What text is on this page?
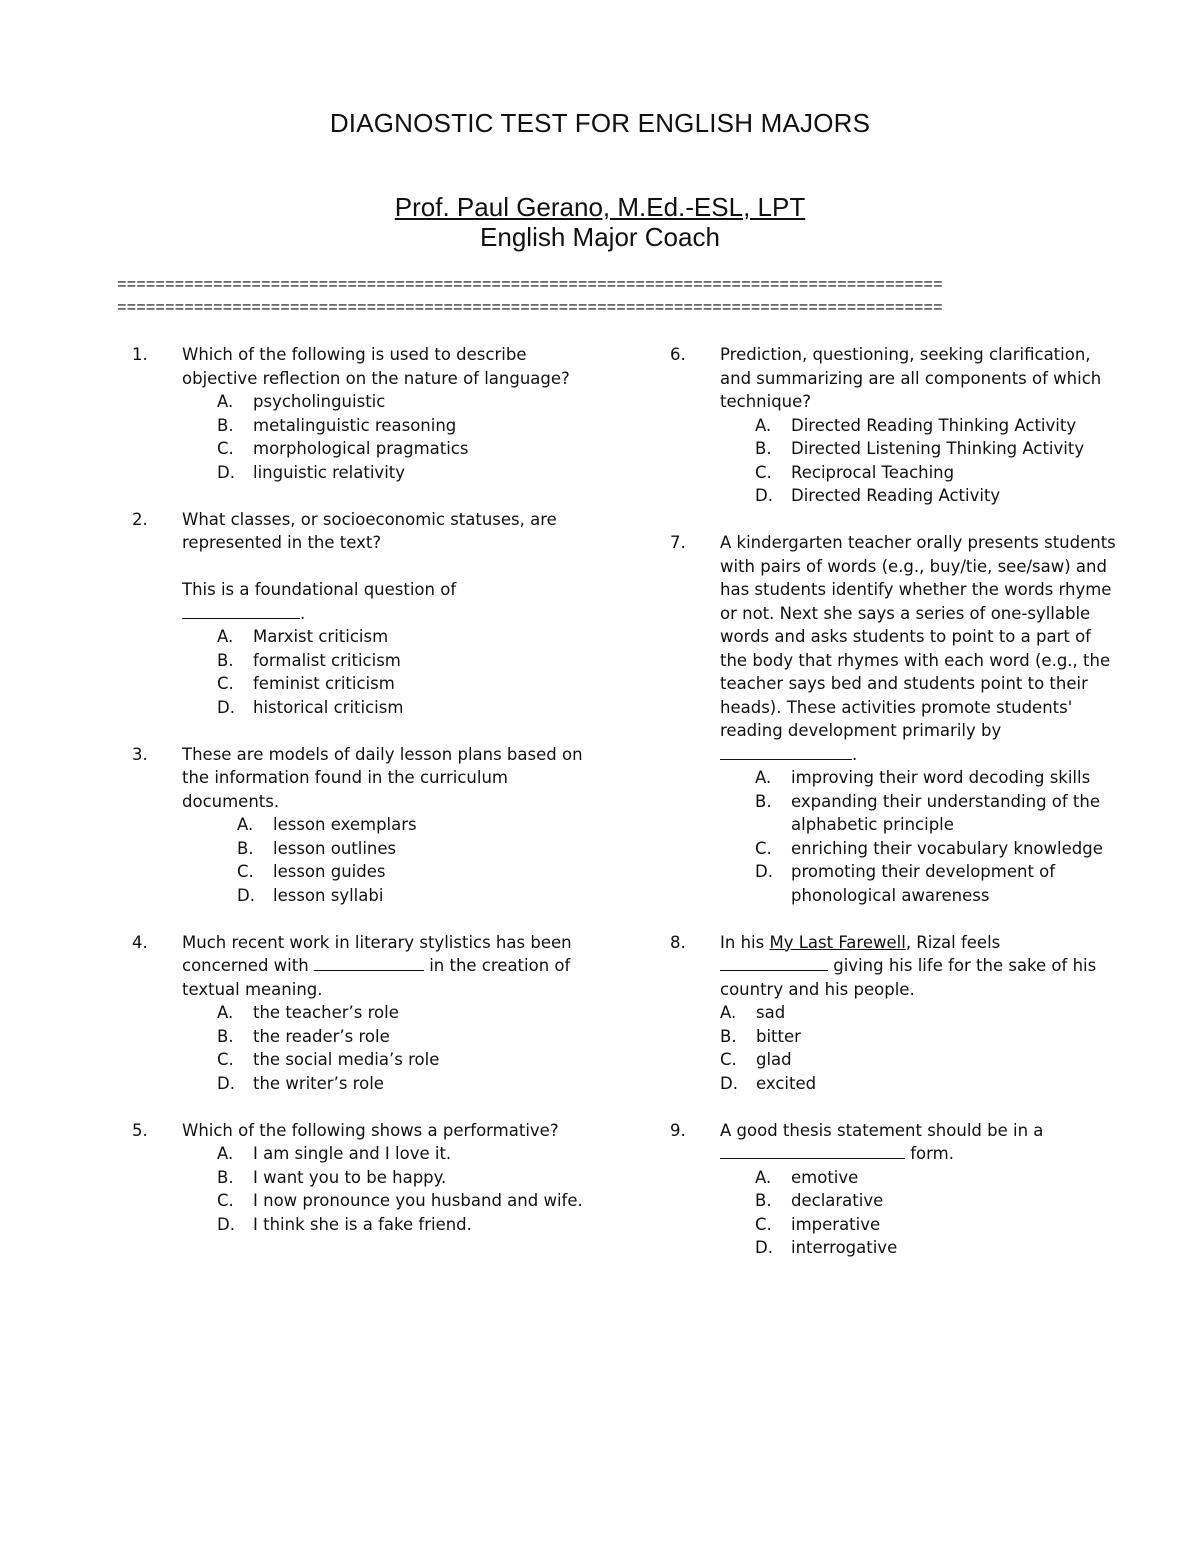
DIAGNOSTIC TEST FOR ENGLISH MAJORS
Prof. Paul Gerano, M.Ed.-ESL, LPT
English Major Coach
======================================================================================
======================================================================================
1.	Which of the following is used to describe objective reflection on the nature of language?
A. psycholinguistic
B. metalinguistic reasoning
C. morphological pragmatics
D. linguistic relativity
2.	What classes, or socioeconomic statuses, are represented in the text?
This is a foundational question of
.
A. Marxist criticism
B. formalist criticism
C. feminist criticism
D. historical criticism
3.	These are models of daily lesson plans based on the information found in the curriculum documents.
A. lesson exemplars
B. lesson outlines
C. lesson guides
D. lesson syllabi
4.	Much recent work in literary stylistics has been concerned with	in the creation of textual meaning.
A. the teacher’s role
B. the reader’s role
C. the social media’s role
D. the writer’s role
5.	Which of the following shows a performative?
A. I am single and I love it.
B. I want you to be happy.
C. I now pronounce you husband and wife.
D. I think she is a fake friend.
6.	Prediction, questioning, seeking clarification, and summarizing are all components of which technique?
A. Directed Reading Thinking Activity
B. Directed Listening Thinking Activity
C. Reciprocal Teaching
D. Directed Reading Activity
7.	A kindergarten teacher orally presents students with pairs of words (e.g., buy/tie, see/saw) and has students identify whether the words rhyme or not. Next she says a series of one-syllable words and asks students to point to a part of the body that rhymes with each word (e.g., the teacher says bed and students point to their heads). These activities promote students' reading development primarily by .
A. improving their word decoding skills
B. expanding their understanding of the alphabetic principle
C. enriching their vocabulary knowledge
D. promoting their development of phonological awareness
8.	In his My Last Farewell, Rizal feels
giving his life for the sake of his country and his people.
A. sad
B. bitter
C. glad
D. excited
9.	A good thesis statement should be in a
form.
A. emotive
B. declarative
C. imperative
D. interrogative
